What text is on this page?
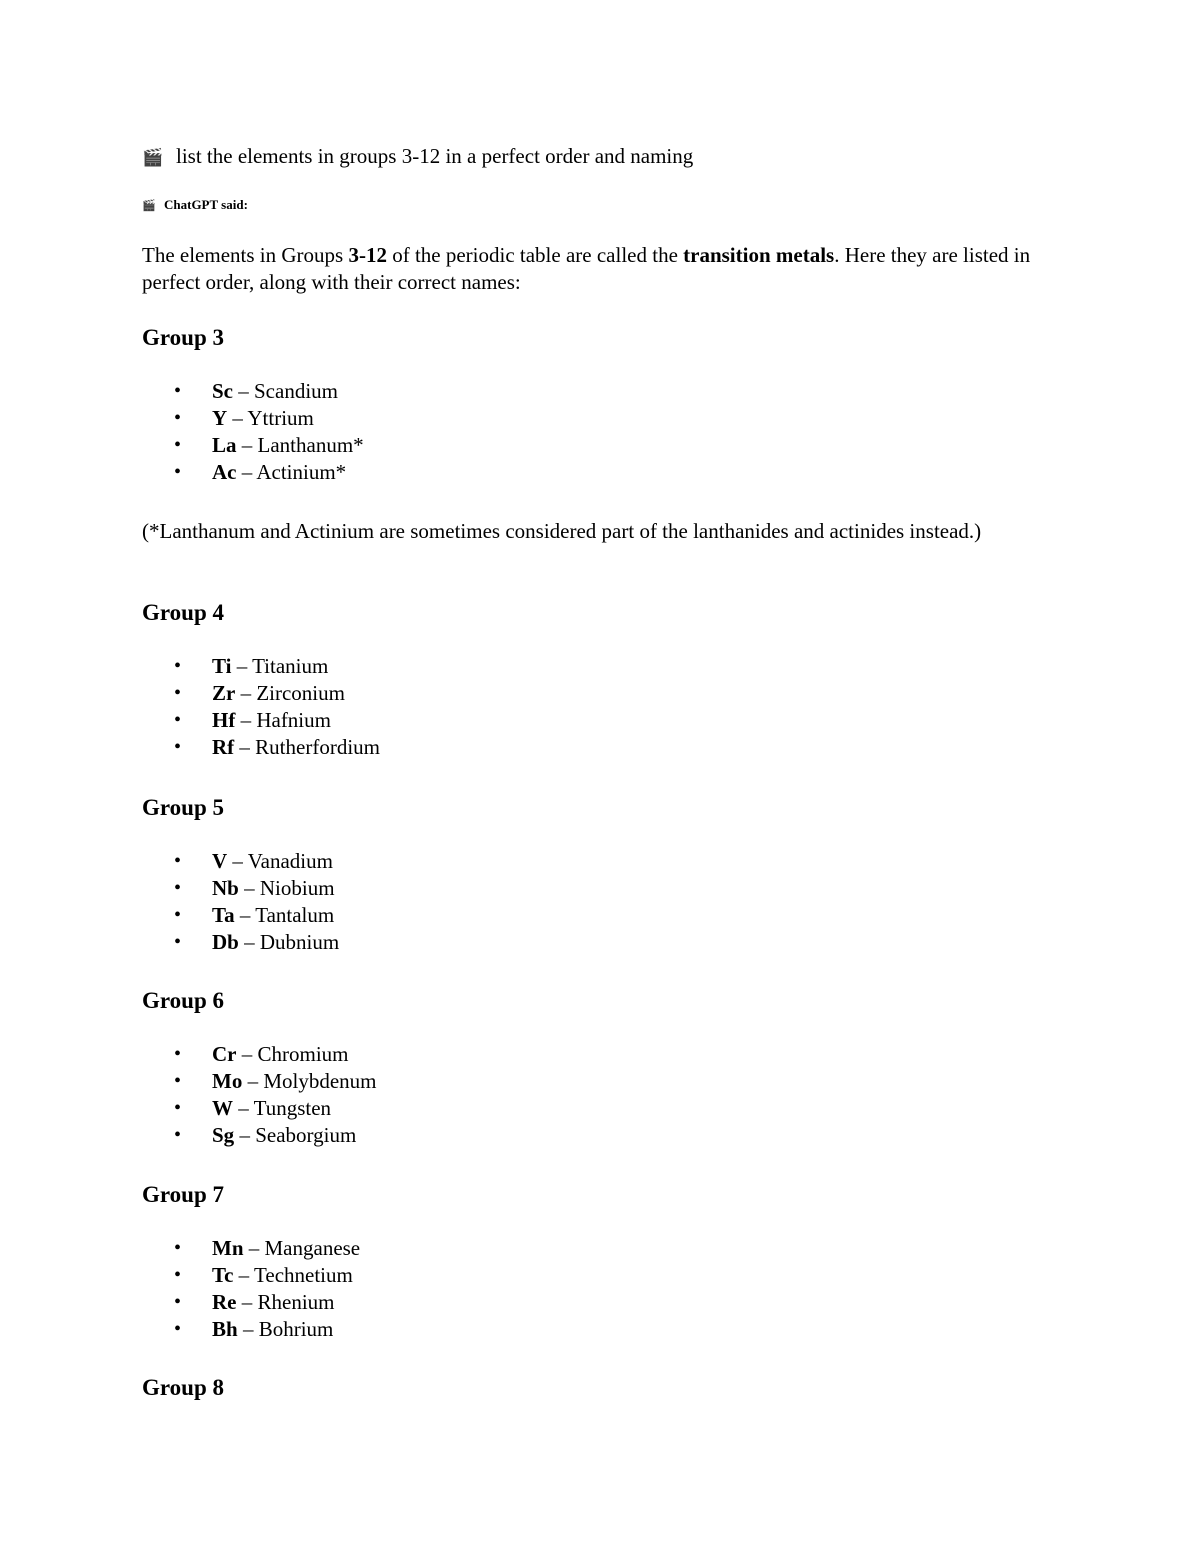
🎬 list the elements in groups 3-12 in a perfect order and naming
🎬 ChatGPT said:

The elements in Groups 3-12 of the periodic table are called the transition metals. Here they are listed in perfect order, along with their correct names:

Group 3
• Sc – Scandium
• Y – Yttrium
• La – Lanthanum*
• Ac – Actinium*

(*Lanthanum and Actinium are sometimes considered part of the lanthanides and actinides instead.)

Group 4
• Ti – Titanium
• Zr – Zirconium
• Hf – Hafnium
• Rf – Rutherfordium
Group 5
• V – Vanadium
• Nb – Niobium
• Ta – Tantalum
• Db – Dubnium
Group 6
• Cr – Chromium
• Mo – Molybdenum
• W – Tungsten
• Sg – Seaborgium
Group 7
• Mn – Manganese
• Tc – Technetium
• Re – Rhenium
• Bh – Bohrium
Group 8
